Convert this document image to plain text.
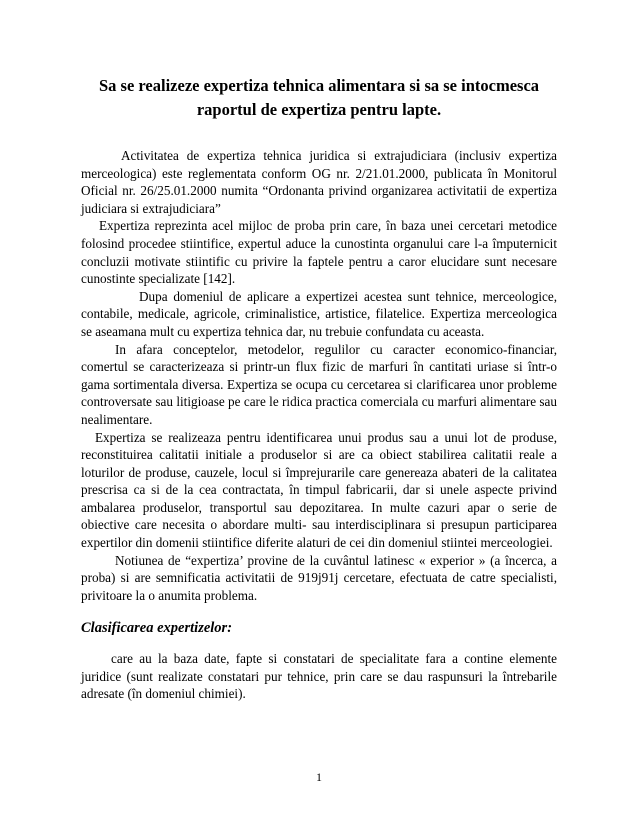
Sa se realizeze expertiza tehnica alimentara si sa se intocmesca raportul de expertiza pentru lapte.

Activitatea de expertiza tehnica juridica si extrajudiciara (inclusiv expertiza merceologica) este reglementata conform OG nr. 2/21.01.2000, publicata în Monitorul Oficial nr. 26/25.01.2000 numita “Ordonanta privind organizarea activitatii de expertiza judiciara si extrajudiciara”

Expertiza reprezinta acel mijloc de proba prin care, în baza unei cercetari metodice folosind procedee stiintifice, expertul aduce la cunostinta organului care l-a împuternicit concluzii motivate stiintific cu privire la faptele pentru a caror elucidare sunt necesare cunostinte specializate [142].

Dupa domeniul de aplicare a expertizei acestea sunt tehnice, merceologice, contabile, medicale, agricole, criminalistice, artistice, filatelice. Expertiza merceologica se aseamana mult cu expertiza tehnica dar, nu trebuie confundata cu aceasta.

In afara conceptelor, metodelor, regulilor cu caracter economico-financiar, comertul se caracterizeaza si printr-un flux fizic de marfuri în cantitati uriase si într-o gama sortimentala diversa. Expertiza se ocupa cu cercetarea si clarificarea unor probleme controversate sau litigioase pe care le ridica practica comerciala cu marfuri alimentare sau nealimentare.

Expertiza se realizeaza pentru identificarea unui produs sau a unui lot de produse, reconstituirea calitatii initiale a produselor si are ca obiect stabilirea calitatii reale a loturilor de produse, cauzele, locul si împrejurarile care genereaza abateri de la calitatea prescrisa ca si de la cea contractata, în timpul fabricarii, dar si unele aspecte privind ambalarea produselor, transportul sau depozitarea. In multe cazuri apar o serie de obiective care necesita o abordare multi- sau interdisciplinara si presupun participarea expertilor din domenii stiintifice diferite alaturi de cei din domeniul stiintei merceologiei.

Notiunea de “expertiza’ provine de la cuvântul latinesc « experior » (a încerca, a proba) si are semnificatia activitatii de 919j91j cercetare, efectuata de catre specialisti, privitoare la o anumita problema.

Clasificarea expertizelor:

care au la baza date, fapte si constatari de specialitate fara a contine elemente juridice (sunt realizate constatari pur tehnice, prin care se dau raspunsuri la întrebarile adresate (în domeniul chimiei).

1
